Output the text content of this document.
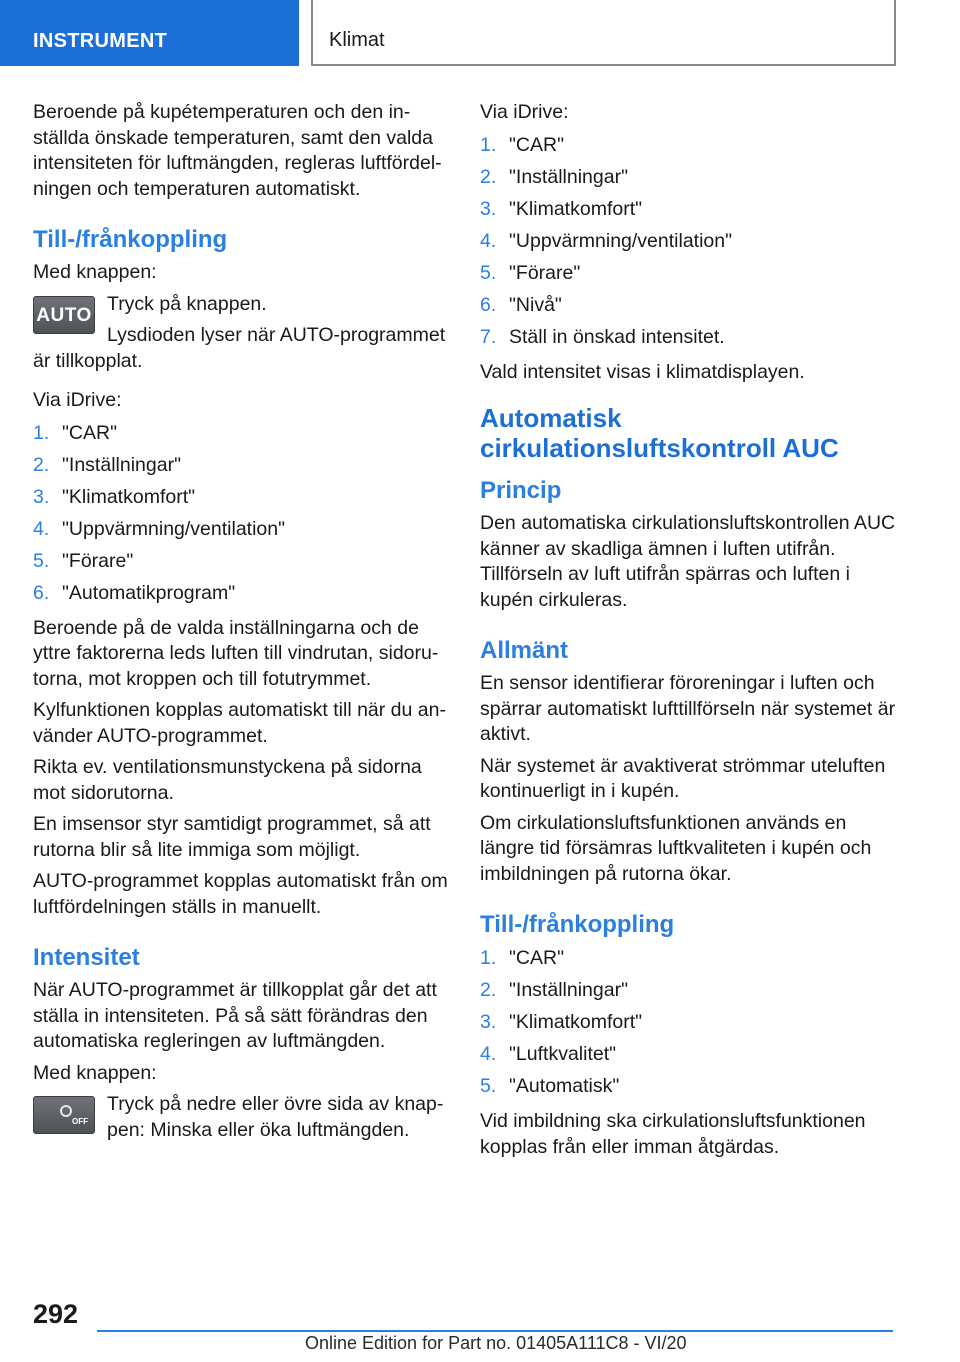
INSTRUMENT	Klimat

Beroende på kupétemperaturen och den inställda önskade temperaturen, samt den valda intensiteten för luftmängden, regleras luftfördelningen och temperaturen automatiskt.

Till-/frånkoppling

Med knappen:

AUTO

Tryck på knappen.

Lysdioden lyser när AUTO-programmet är tillkopplat.

Via iDrive:

1. "CAR"
2. "Inställningar"
3. "Klimatkomfort"
4. "Uppvärmning/ventilation"
5. "Förare"
6. "Automatikprogram"

Beroende på de valda inställningarna och de yttre faktorerna leds luften till vindrutan, sidorutorna, mot kroppen och till fotutrymmet.

Kylfunktionen kopplas automatiskt till när du använder AUTO-programmet.

Rikta ev. ventilationsmunstyckena på sidorna mot sidorutorna.

En imsensor styr samtidigt programmet, så att rutorna blir så lite immiga som möjligt.

AUTO-programmet kopplas automatiskt från om luftfördelningen ställs in manuellt.

Intensitet

När AUTO-programmet är tillkopplat går det att ställa in intensiteten. På så sätt förändras den automatiska regleringen av luftmängden.

Med knappen:

OFF

Tryck på nedre eller övre sida av knappen: Minska eller öka luftmängden.

Via iDrive:

1. "CAR"
2. "Inställningar"
3. "Klimatkomfort"
4. "Uppvärmning/ventilation"
5. "Förare"
6. "Nivå"
7. Ställ in önskad intensitet.

Vald intensitet visas i klimatdisplayen.

Automatisk cirkulationsluftskontroll AUC
Princip

Den automatiska cirkulationsluftskontrollen AUC känner av skadliga ämnen i luften utifrån. Tillförseln av luft utifrån spärras och luften i kupén cirkuleras.

Allmänt

En sensor identifierar föroreningar i luften och spärrar automatiskt lufttillförseln när systemet är aktivt.

När systemet är avaktiverat strömmar uteluften kontinuerligt in i kupén.

Om cirkulationsluftsfunktionen används en längre tid försämras luftkvaliteten i kupén och imbildningen på rutorna ökar.

Till-/frånkoppling
1. "CAR"
2. "Inställningar"
3. "Klimatkomfort"
4. "Luftkvalitet"
5. "Automatisk"

Vid imbildning ska cirkulationsluftsfunktionen kopplas från eller imman åtgärdas.

292
Online Edition for Part no. 01405A111C8 - VI/20
